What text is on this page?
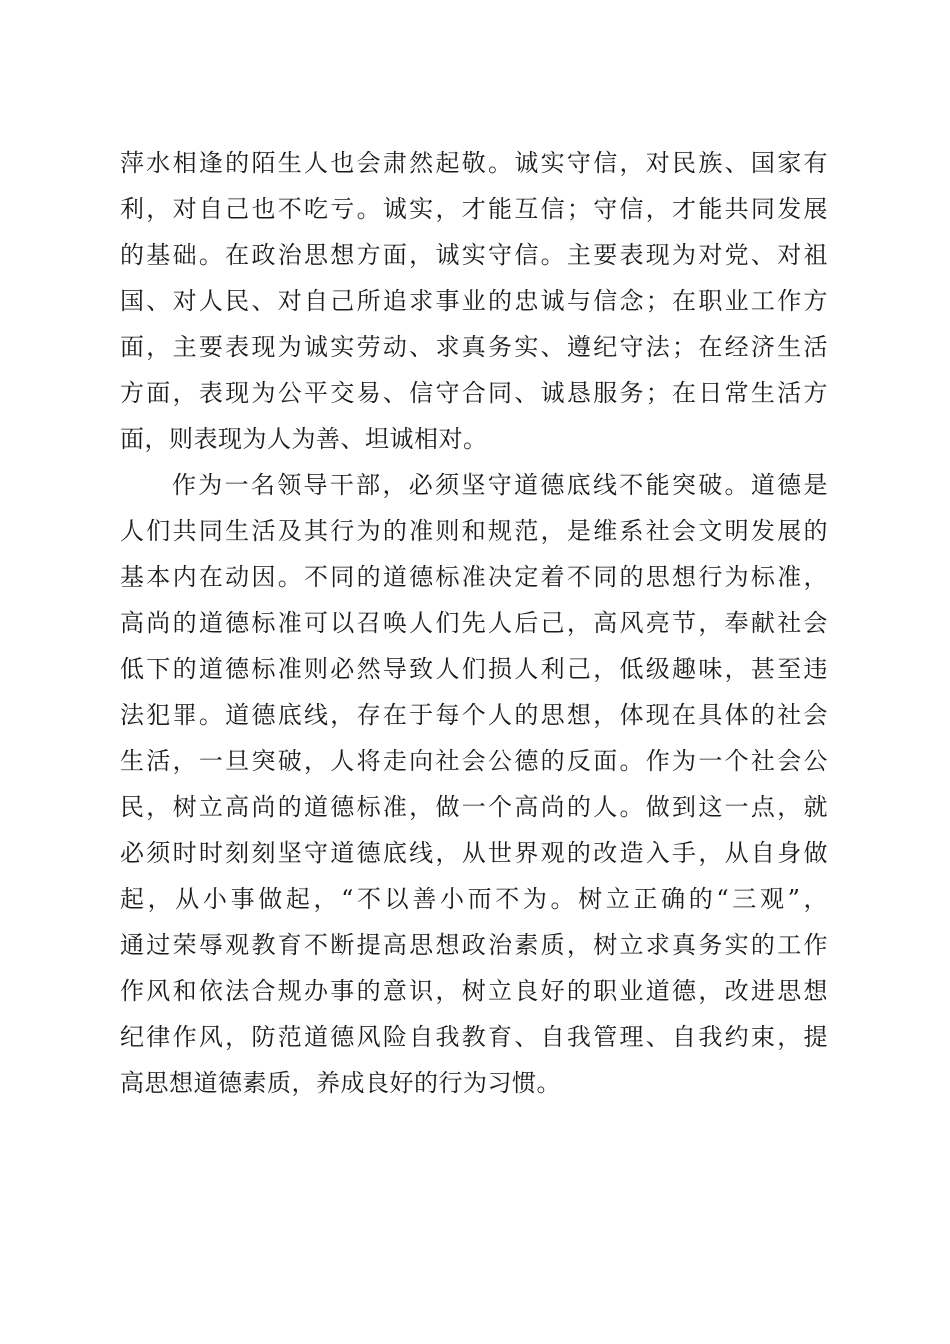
萍水相逢的陌生人也会肃然起敬。诚实守信，对民族、国家有
利，对自己也不吃亏。诚实，才能互信；守信，才能共同发展
的基础。在政治思想方面，诚实守信。主要表现为对党、对祖
国、对人民、对自己所追求事业的忠诚与信念；在职业工作方
面，主要表现为诚实劳动、求真务实、遵纪守法；在经济生活
方面，表现为公平交易、信守合同、诚恳服务；在日常生活方
面，则表现为人为善、坦诚相对。
作为一名领导干部，必须坚守道德底线不能突破。道德是
人们共同生活及其行为的准则和规范，是维系社会文明发展的
基本内在动因。不同的道德标准决定着不同的思想行为标准，
高尚的道德标准可以召唤人们先人后己，高风亮节，奉献社会
低下的道德标准则必然导致人们损人利己，低级趣味，甚至违
法犯罪。道德底线，存在于每个人的思想，体现在具体的社会
生活，一旦突破，人将走向社会公德的反面。作为一个社会公
民，树立高尚的道德标准，做一个高尚的人。做到这一点，就
必须时时刻刻坚守道德底线，从世界观的改造入手，从自身做
起，从小事做起，“不以善小而不为。树立正确的“三观”，
通过荣辱观教育不断提高思想政治素质，树立求真务实的工作
作风和依法合规办事的意识，树立良好的职业道德，改进思想
纪律作风，防范道德风险自我教育、自我管理、自我约束，提
高思想道德素质，养成良好的行为习惯。
